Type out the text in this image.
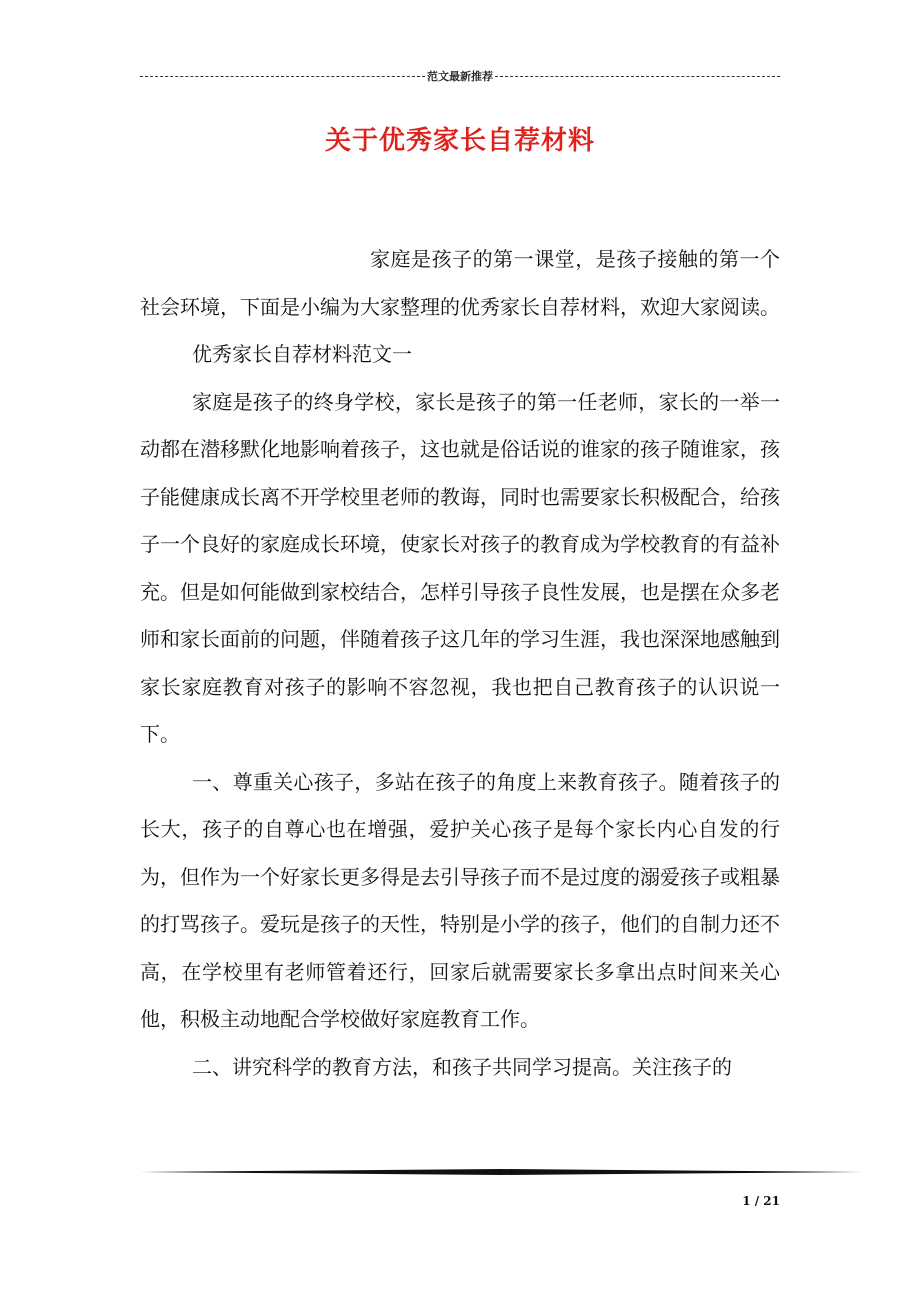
范文最新推荐
关于优秀家长自荐材料

家庭是孩子的第一课堂，是孩子接触的第一个社会环境，下面是小编为大家整理的优秀家长自荐材料，欢迎大家阅读。

优秀家长自荐材料范文一

家庭是孩子的终身学校，家长是孩子的第一任老师，家长的一举一动都在潜移默化地影响着孩子，这也就是俗话说的谁家的孩子随谁家，孩子能健康成长离不开学校里老师的教诲，同时也需要家长积极配合，给孩子一个良好的家庭成长环境，使家长对孩子的教育成为学校教育的有益补充。但是如何能做到家校结合，怎样引导孩子良性发展，也是摆在众多老师和家长面前的问题，伴随着孩子这几年的学习生涯，我也深深地感触到家长家庭教育对孩子的影响不容忽视，我也把自己教育孩子的认识说一下。

一、尊重关心孩子，多站在孩子的角度上来教育孩子。随着孩子的长大，孩子的自尊心也在增强，爱护关心孩子是每个家长内心自发的行为，但作为一个好家长更多得是去引导孩子而不是过度的溺爱孩子或粗暴的打骂孩子。爱玩是孩子的天性，特别是小学的孩子，他们的自制力还不高，在学校里有老师管着还行，回家后就需要家长多拿出点时间来关心他，积极主动地配合学校做好家庭教育工作。

二、讲究科学的教育方法，和孩子共同学习提高。关注孩子的

1 / 21
